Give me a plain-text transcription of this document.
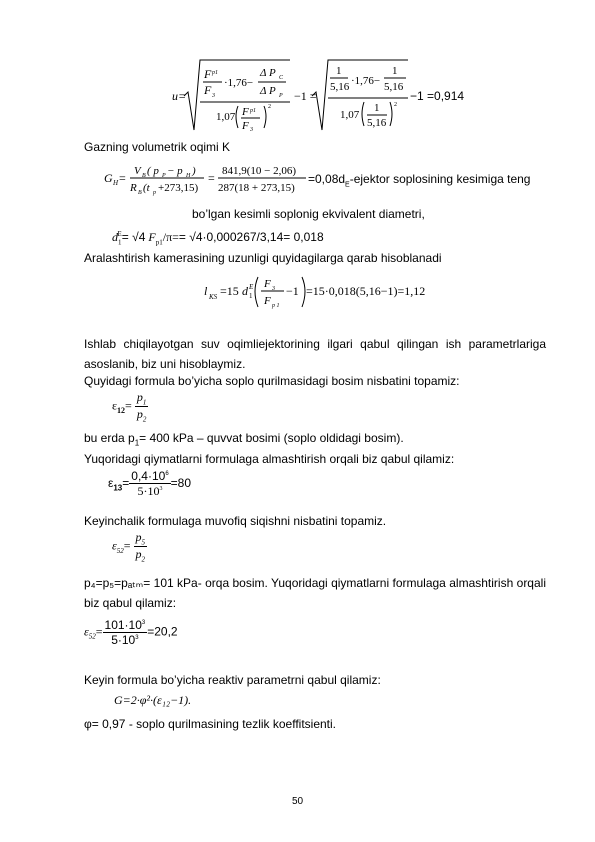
u=
F p1
F 3
·1,76−
Δ P C
Δ P P
1,07 F p1
F 3
2
−1 =
1
5,16 ·1,76−
1
5,16
1,07
1
5,16
2
−1 =0,914
Gazning volumetrik oqimi K
G H = V B ( p P − p H )
R B (t p +273,15)
= 841,9(10 − 2,06)
287(18 + 273,15)
$=0,08d_E$-ejektor soplosining kesimiga teng
bo’lgan kesimli soplonig ekvivalent diametri,
$d_1^E= √4$ $F_{p1}/\pi== √4\cdot 0,000267/3,14= 0,018$
Aralashtirish kamerasining uzunligi quyidagilarga qarab hisoblanadi
l KS =15 d 1
E F 3
F p 1
−1 =15·0,018(5,16−1)=1,12
Ishlab chiqilayotgan suv oqimliejektorining ilgari qabul qilingan ish parametrlariga asoslanib, biz uni hisoblaymiz.
Quyidagi formula bo’yicha soplo qurilmasidagi bosim nisbatini topamiz:
$\varepsilon_{12}= \frac{p_1}{p_2}$
bu erda $p_1= 400$ kPa – quvvat bosimi (soplo oldidagi bosim).
Yuqoridagi qiymatlarni formulaga almashtirish orqali biz qabul qilamiz:
$\varepsilon_{13}= \frac{0,4\cdot 10^6}{5\cdot 10^3} =80$
Keyinchalik formulaga muvofiq siqishni nisbatini topamiz.
$\varepsilon_{52}= \frac{p_5}{p_2}$
p₄=p₅=pₐₜₘ= 101 kPa- orqa bosim. Yuqoridagi qiymatlarni formulaga almashtirish orqali biz qabul qilamiz:
$\varepsilon_{52}= \frac{101\cdot 10^3}{5\cdot 10^3} =20,2$
Keyin formula bo’yicha reaktiv parametrni qabul qilamiz:
G=2·φ²·(ε₁₂−1).
φ= 0,97 - soplo qurilmasining tezlik koeffitsienti.
50
